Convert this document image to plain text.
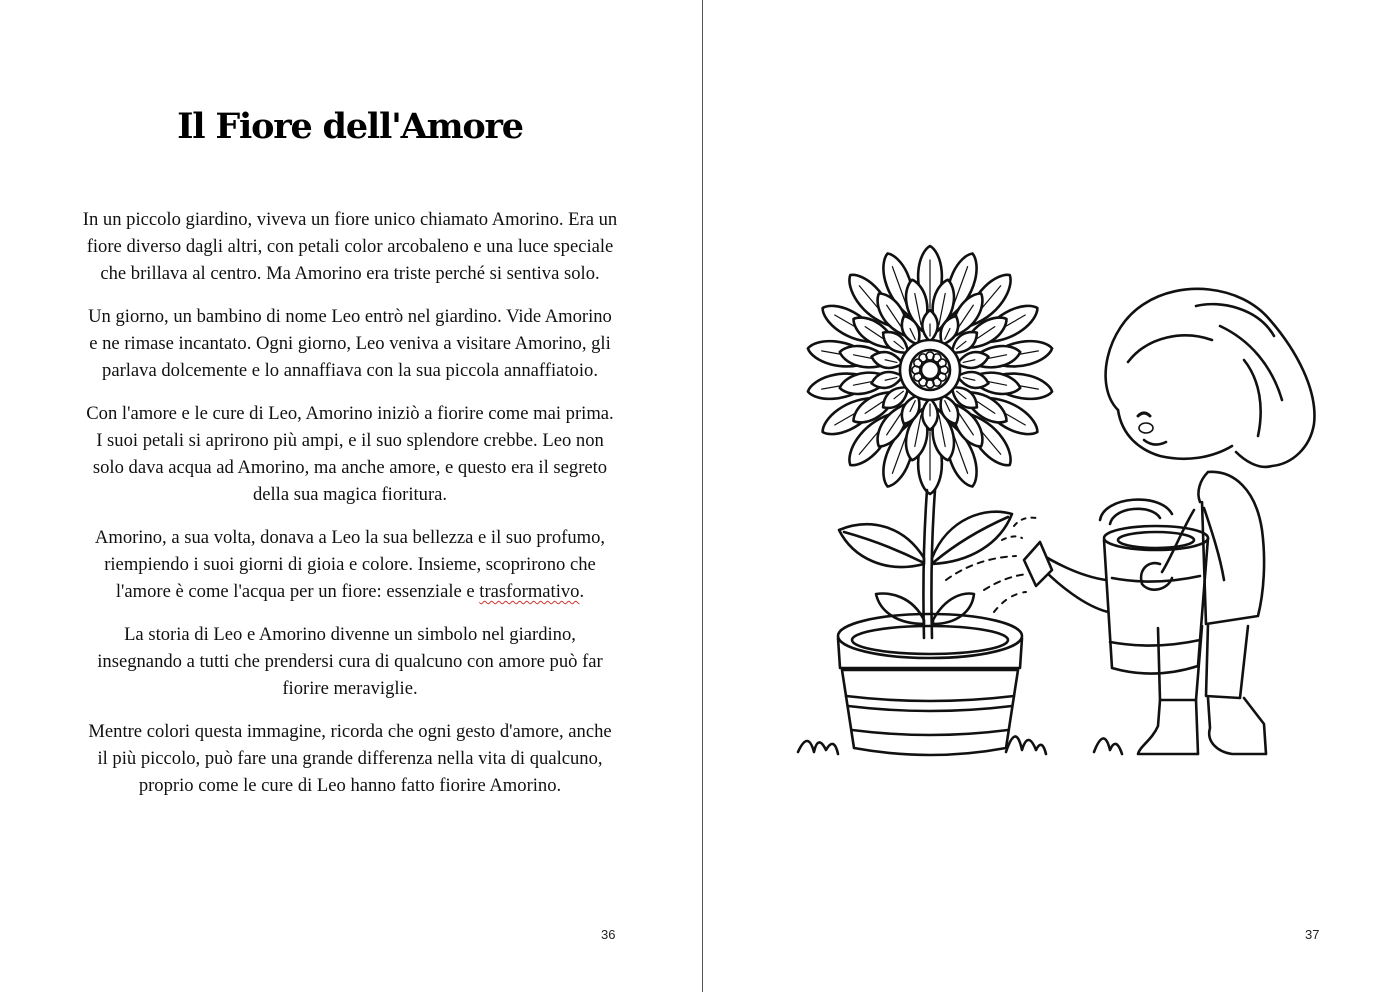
Il Fiore dell'Amore

In un piccolo giardino, viveva un fiore unico chiamato Amorino. Era un fiore diverso dagli altri, con petali color arcobaleno e una luce speciale che brillava al centro. Ma Amorino era triste perché si sentiva solo.

Un giorno, un bambino di nome Leo entrò nel giardino. Vide Amorino e ne rimase incantato. Ogni giorno, Leo veniva a visitare Amorino, gli parlava dolcemente e lo annaffiava con la sua piccola annaffiatoio.

Con l'amore e le cure di Leo, Amorino iniziò a fiorire come mai prima. I suoi petali si aprirono più ampi, e il suo splendore crebbe. Leo non solo dava acqua ad Amorino, ma anche amore, e questo era il segreto della sua magica fioritura.

Amorino, a sua volta, donava a Leo la sua bellezza e il suo profumo, riempiendo i suoi giorni di gioia e colore. Insieme, scoprirono che l'amore è come l'acqua per un fiore: essenziale e trasformativo.

La storia di Leo e Amorino divenne un simbolo nel giardino, insegnando a tutti che prendersi cura di qualcuno con amore può far fiorire meraviglie.

Mentre colori questa immagine, ricorda che ogni gesto d'amore, anche il più piccolo, può fare una grande differenza nella vita di qualcuno, proprio come le cure di Leo hanno fatto fiorire Amorino.

36	37
